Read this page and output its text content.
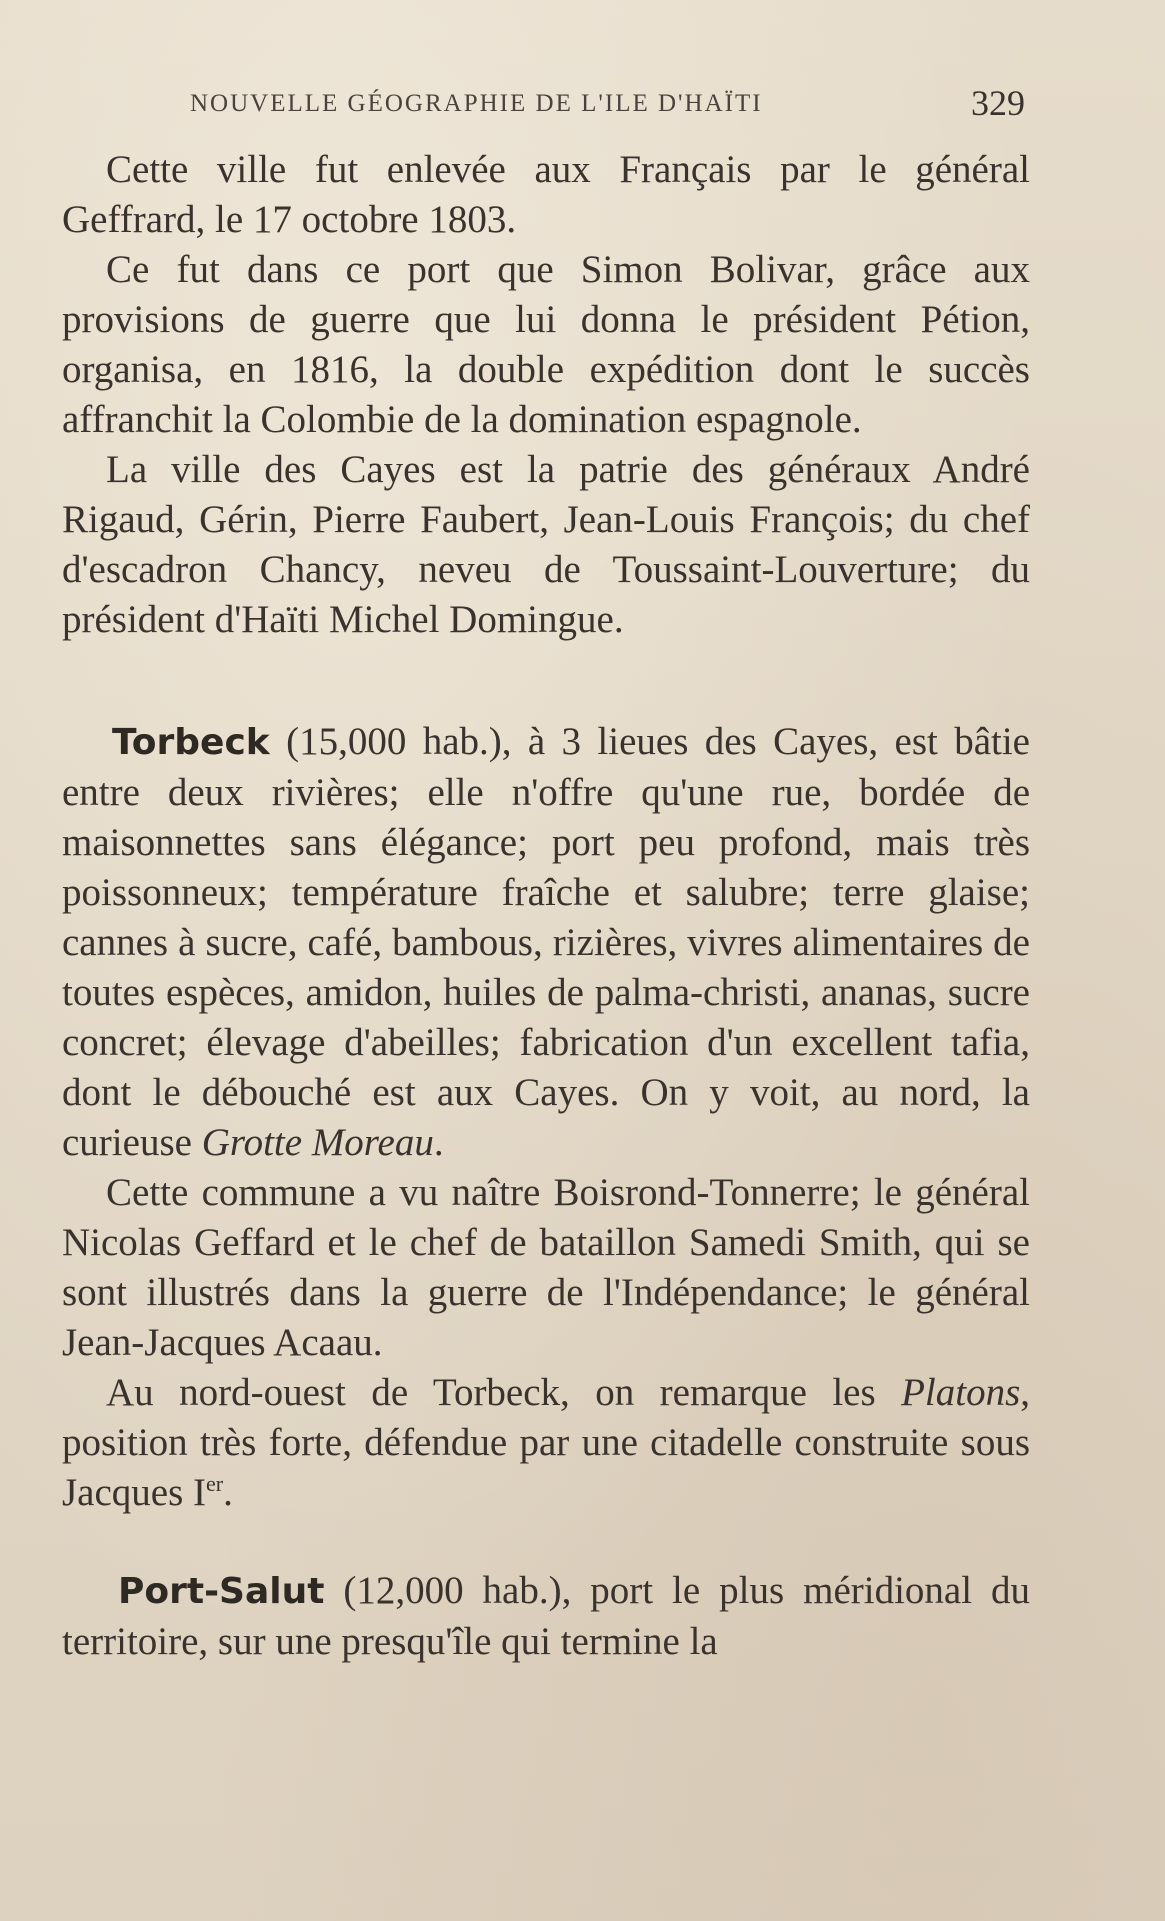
NOUVELLE GÉOGRAPHIE DE L'ILE D'HAÏTI	329

Cette ville fut enlevée aux Français par le général Geffrard, le 17 octobre 1803.

Ce fut dans ce port que Simon Bolivar, grâce aux provisions de guerre que lui donna le président Pétion, organisa, en 1816, la double expédition dont le succès affranchit la Colombie de la domination espagnole.

La ville des Cayes est la patrie des généraux André Rigaud, Gérin, Pierre Faubert, Jean-Louis François; du chef d'escadron Chancy, neveu de Toussaint-Louverture; du président d'Haïti Michel Domingue.

Torbeck (15,000 hab.), à 3 lieues des Cayes, est bâtie entre deux rivières; elle n'offre qu'une rue, bordée de maisonnettes sans élégance; port peu profond, mais très poissonneux; température fraîche et salubre; terre glaise; cannes à sucre, café, bambous, rizières, vivres alimentaires de toutes espèces, amidon, huiles de palma-christi, ananas, sucre concret; élevage d'abeilles; fabrication d'un excellent tafia, dont le débouché est aux Cayes. On y voit, au nord, la curieuse Grotte Moreau.

Cette commune a vu naître Boisrond-Tonnerre; le général Nicolas Geffard et le chef de bataillon Samedi Smith, qui se sont illustrés dans la guerre de l'Indépendance; le général Jean-Jacques Acaau.

Au nord-ouest de Torbeck, on remarque les Platons, position très forte, défendue par une citadelle construite sous Jacques Ier.

Port-Salut (12,000 hab.), port le plus méridional du territoire, sur une presqu'île qui termine la
